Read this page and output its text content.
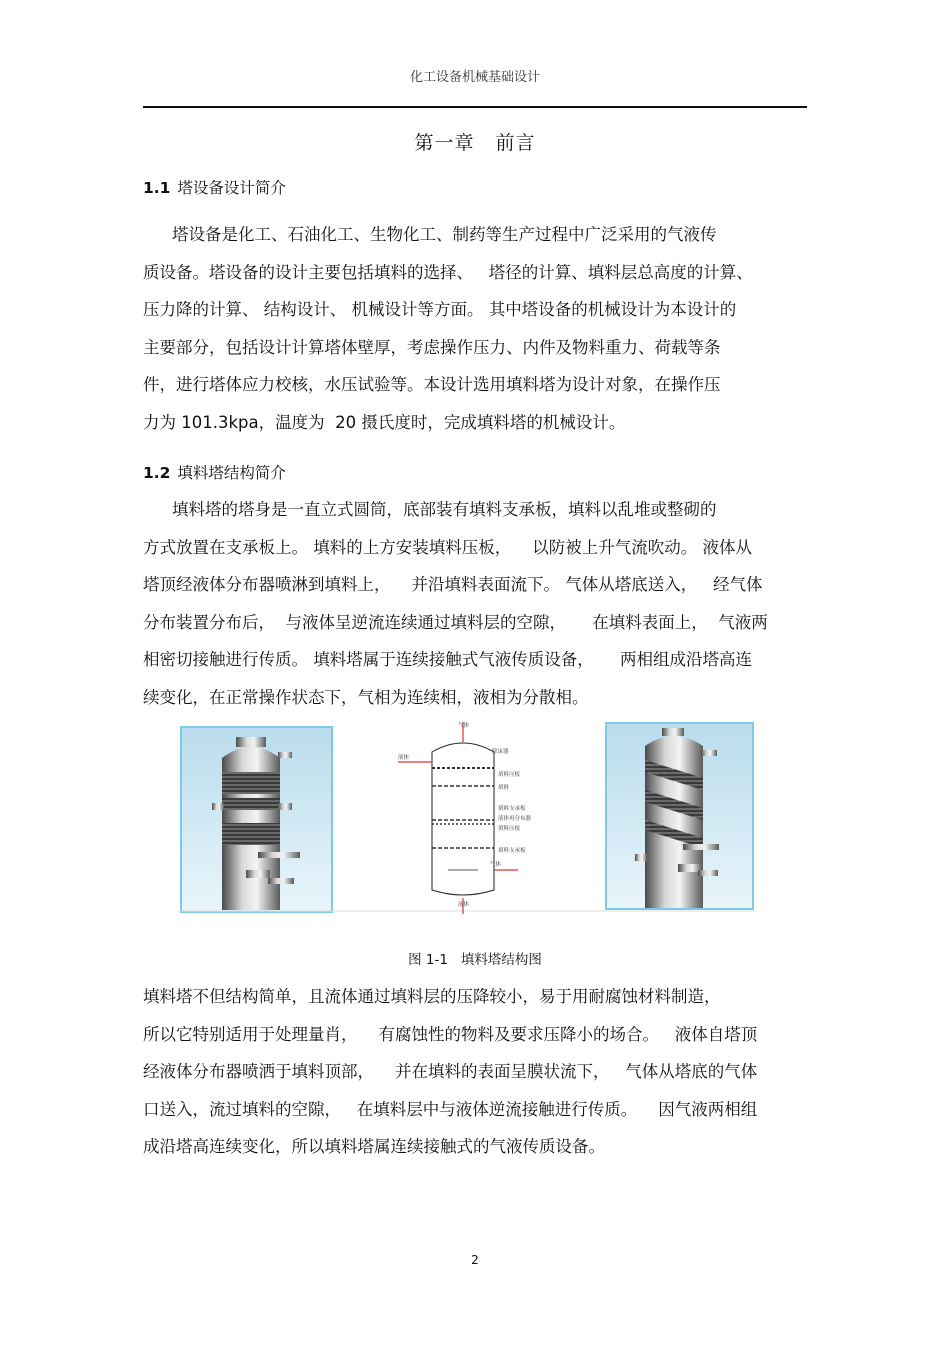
化工设备机械基础设计
第一章   前言
1.1 塔设备设计简介
塔设备是化工、石油化工、生物化工、制药等生产过程中广泛采用的气液传
质设备。塔设备的设计主要包括填料的选择、   塔径的计算、填料层总高度的计算、
压力降的计算、 结构设计、 机械设计等方面。 其中塔设备的机械设计为本设计的
主要部分，包括设计计算塔体壁厚，考虑操作压力、内件及物料重力、荷载等条
件，进行塔体应力校核，水压试验等。本设计选用填料塔为设计对象，在操作压
力为 101.3kpa，温度为  20 摄氏度时，完成填料塔的机械设计。
1.2 填料塔结构简介
填料塔的塔身是一直立式圆筒，底部装有填料支承板，填料以乱堆或整砌的
方式放置在支承板上。 填料的上方安装填料压板，    以防被上升气流吹动。 液体从
塔顶经液体分布器喷淋到填料上，    并沿填料表面流下。 气体从塔底送入，   经气体
分布装置分布后，  与液体呈逆流连续通过填料层的空隙，     在填料表面上，  气液两
相密切接触进行传质。 填料塔属于连续接触式气液传质设备，     两相组成沿塔高连
续变化，在正常操作状态下，气相为连续相，液相为分散相。
气体
液体
除沫器
填料压板
填料
填料支承板
液体再分布器
填料压板
填料支承板
气体
液体
图 1-1   填料塔结构图
填料塔不但结构简单，且流体通过填料层的压降较小，易于用耐腐蚀材料制造，
所以它特别适用于处理量肖，    有腐蚀性的物料及要求压降小的场合。   液体自塔顶
经液体分布器喷洒于填料顶部，    并在填料的表面呈膜状流下，   气体从塔底的气体
口送入，流过填料的空隙，   在填料层中与液体逆流接触进行传质。    因气液两相组
成沿塔高连续变化，所以填料塔属连续接触式的气液传质设备。
2
